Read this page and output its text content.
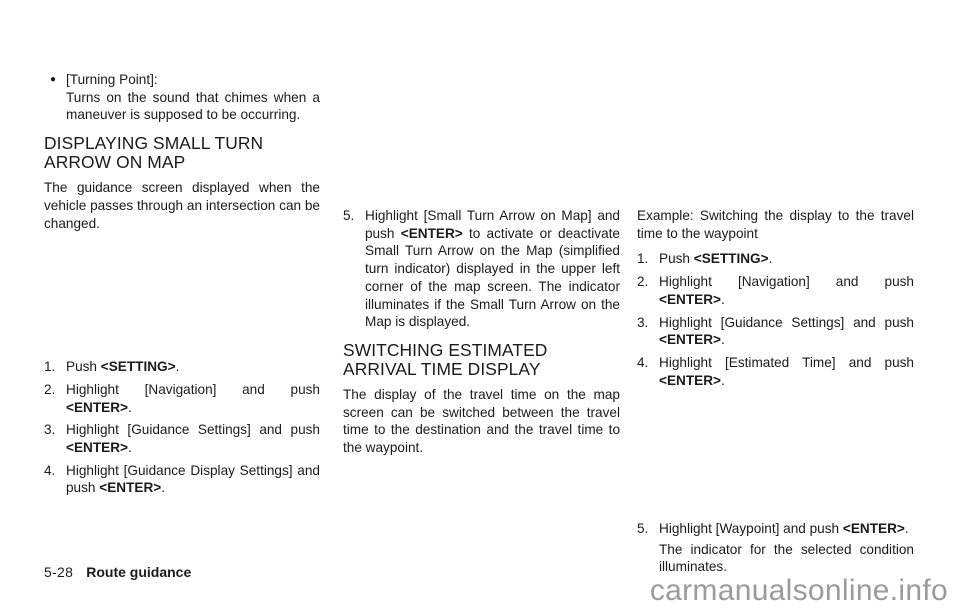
● [Turning Point]:
Turns on the sound that chimes when a maneuver is supposed to be occurring.
DISPLAYING SMALL TURN ARROW ON MAP

The guidance screen displayed when the vehicle passes through an intersection can be changed.

1. Push <SETTING>.
2. Highlight [Navigation] and push <ENTER>.
3. Highlight [Guidance Settings] and push <ENTER>.
4. Highlight [Guidance Display Settings] and push <ENTER>.
5. Highlight [Small Turn Arrow on Map] and push <ENTER> to activate or deactivate Small Turn Arrow on the Map (simplified turn indicator) displayed in the upper left corner of the map screen. The indicator illuminates if the Small Turn Arrow on the Map is displayed.
SWITCHING ESTIMATED ARRIVAL TIME DISPLAY

The display of the travel time on the map screen can be switched between the travel time to the destination and the travel time to the waypoint.

Example: Switching the display to the travel time to the waypoint

1. Push <SETTING>.
2. Highlight [Navigation] and push <ENTER>.
3. Highlight [Guidance Settings] and push <ENTER>.
4. Highlight [Estimated Time] and push <ENTER>.
5. Highlight [Waypoint] and push <ENTER>.
The indicator for the selected condition illuminates.
5-28 Route guidance
carmanualsonline.info
